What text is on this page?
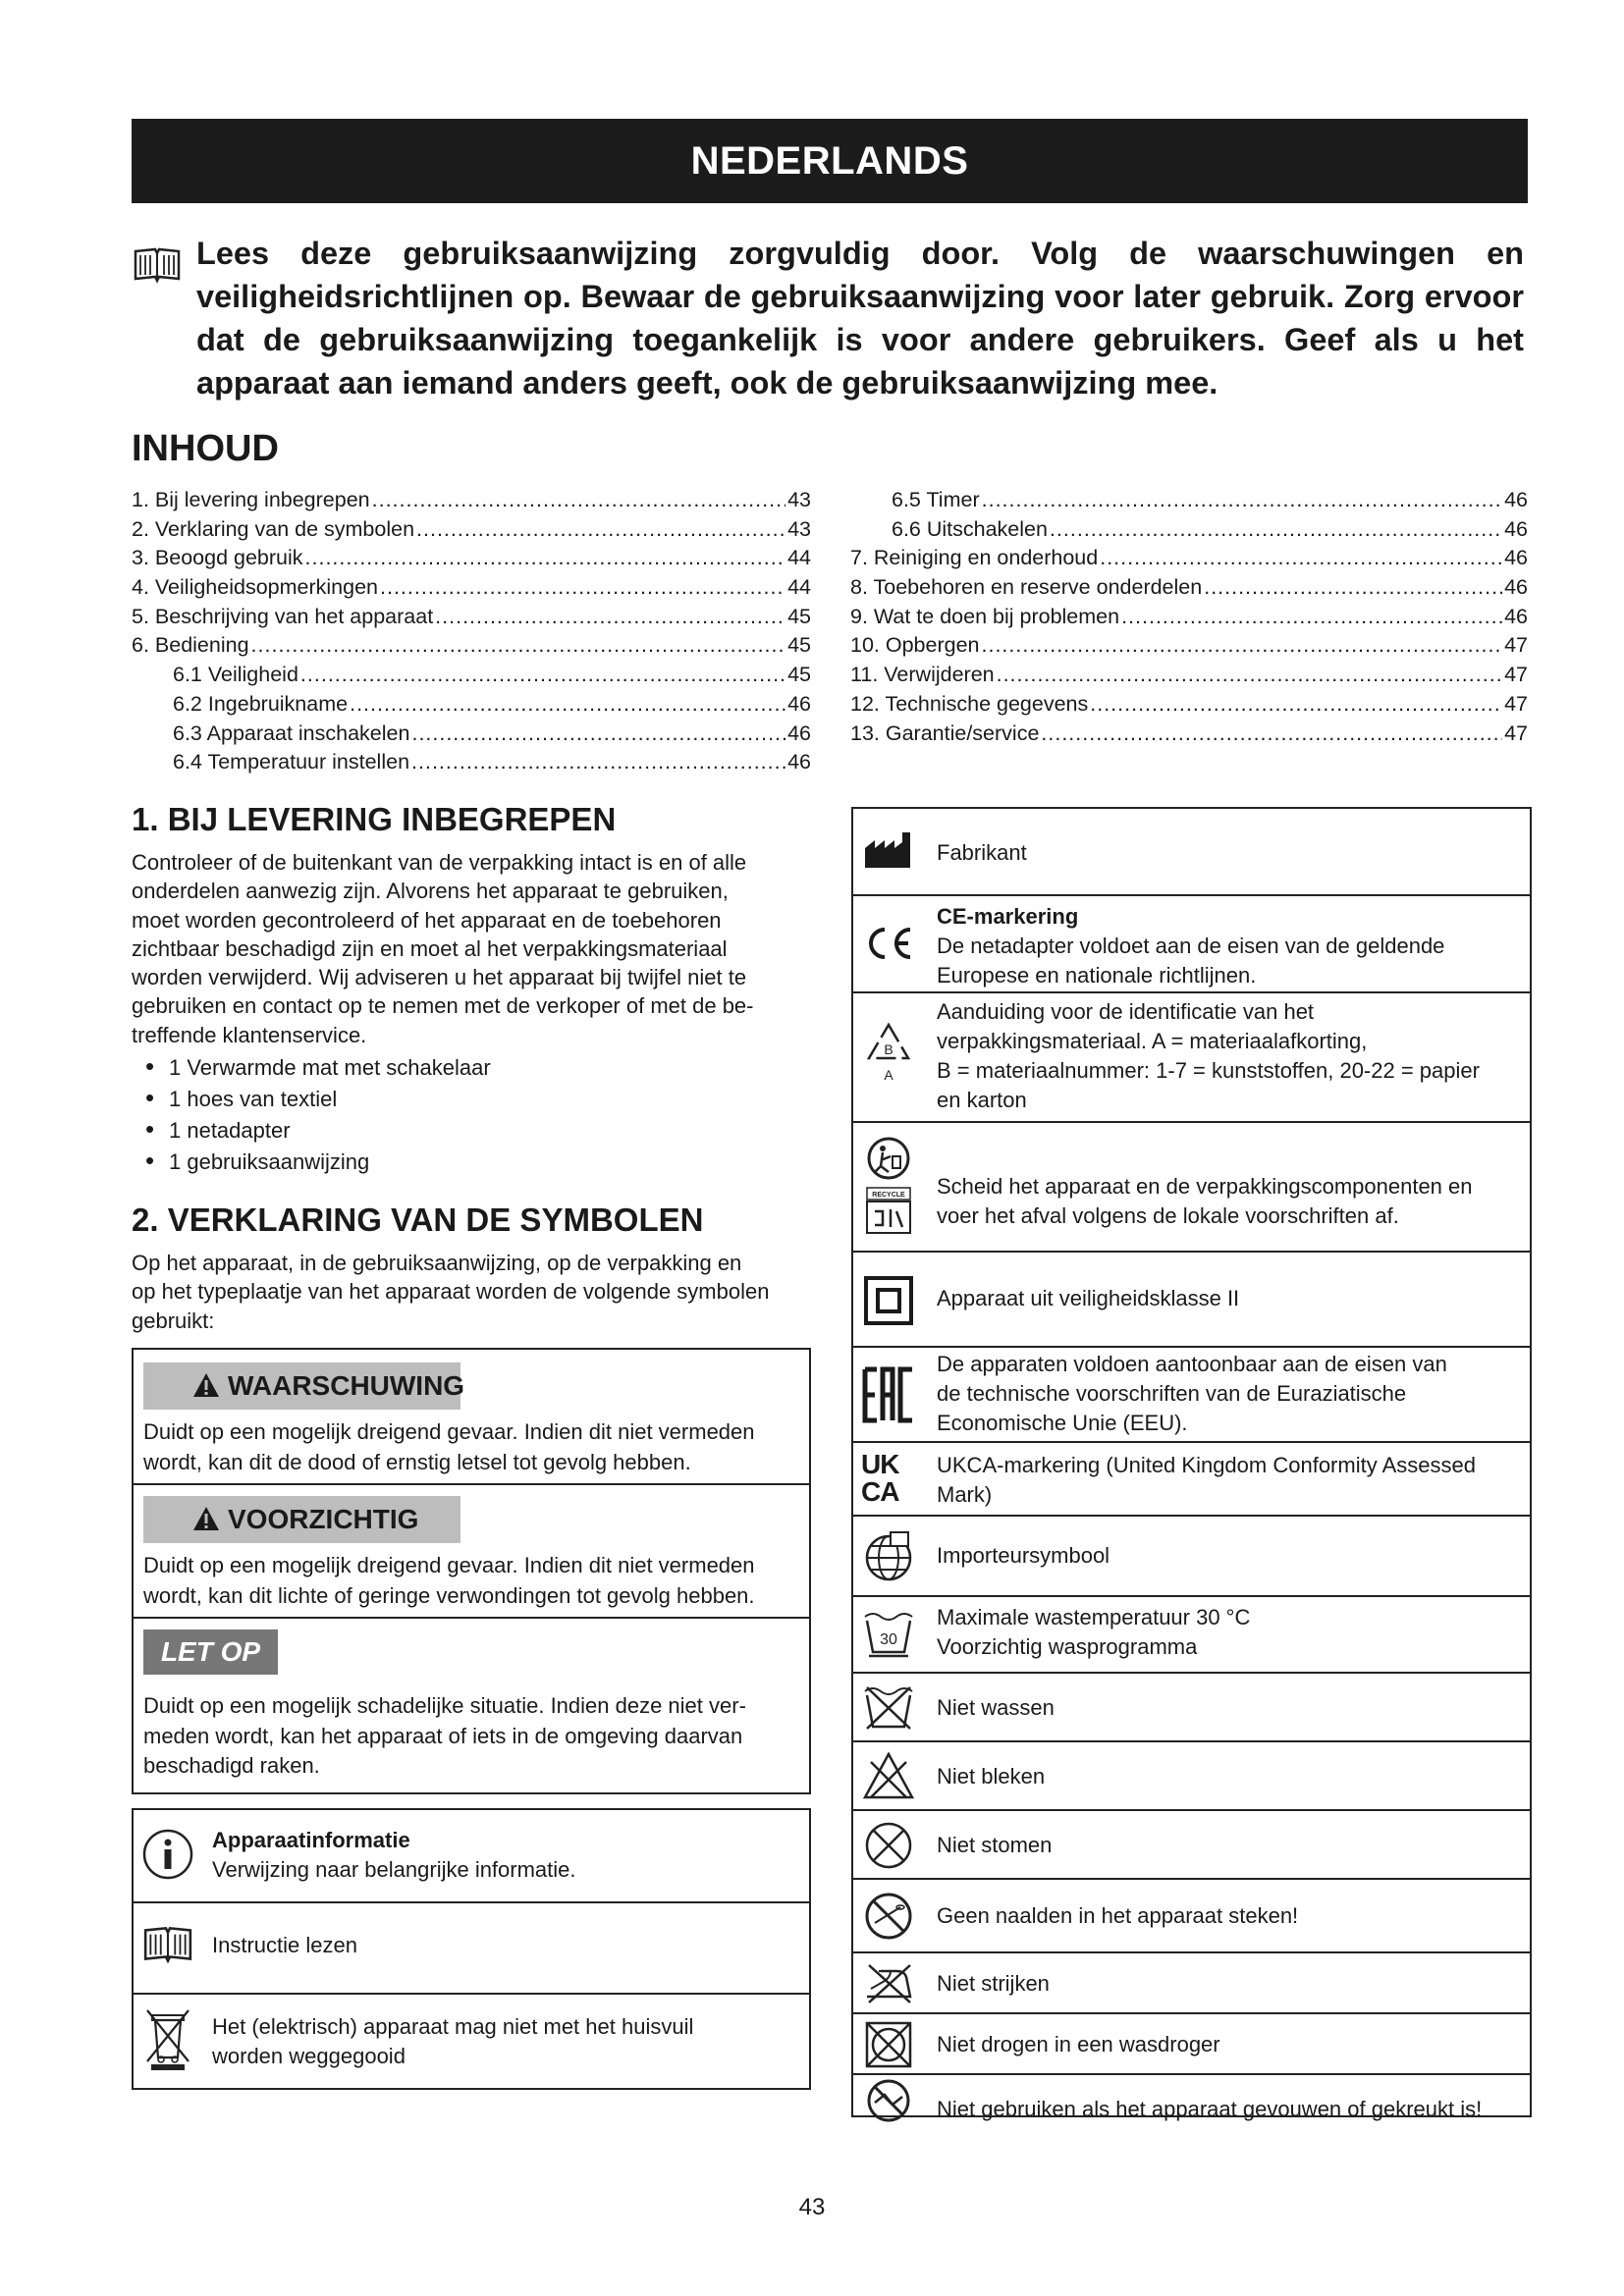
NEDERLANDS

Lees deze gebruiksaanwijzing zorgvuldig door. Volg de waarschuwingen en veiligheidsrichtlijnen op. Bewaar de gebruiksaanwijzing voor later gebruik. Zorg ervoor dat de gebruiksaanwijzing toegankelijk is voor andere gebruikers. Geef als u het apparaat aan iemand anders geeft, ook de gebruiksaanwijzing mee.

INHOUD
1. Bij levering inbegrepen .....	43
2. Verklaring van de symbolen .....	43
3. Beoogd gebruik .....	44
4. Veiligheidsopmerkingen .....	44
5. Beschrijving van het apparaat .....	45
6. Bediening .....	45
6.1 Veiligheid .....	45
6.2 Ingebruikname .....	46
6.3 Apparaat inschakelen .....	46
6.4 Temperatuur instellen .....	46
6.5 Timer .....	46
6.6 Uitschakelen .....	46
7. Reiniging en onderhoud .....	46
8. Toebehoren en reserve onderdelen .....	46
9. Wat te doen bij problemen .....	46
10. Opbergen .....	47
11. Verwijderen .....	47
12. Technische gegevens .....	47
13. Garantie/service .....	47
1. BIJ LEVERING INBEGREPEN
Controleer of de buitenkant van de verpakking intact is en of alle
onderdelen aanwezig zijn. Alvorens het apparaat te gebruiken,
moet worden gecontroleerd of het apparaat en de toebehoren
zichtbaar beschadigd zijn en moet al het verpakkingsmateriaal
worden verwijderd. Wij adviseren u het apparaat bij twijfel niet te
gebruiken en contact op te nemen met de verkoper of met de be-
treffende klantenservice.
• 1 Verwarmde mat met schakelaar
• 1 hoes van textiel
• 1 netadapter
• 1 gebruiksaanwijzing
2. VERKLARING VAN DE SYMBOLEN
Op het apparaat, in de gebruiksaanwijzing, op de verpakking en
op het typeplaatje van het apparaat worden de volgende symbolen
gebruikt:
WAARSCHUWING

Duidt op een mogelijk dreigend gevaar. Indien dit niet vermeden
wordt, kan dit de dood of ernstig letsel tot gevolg hebben.

VOORZICHTIG

Duidt op een mogelijk dreigend gevaar. Indien dit niet vermeden
wordt, kan dit lichte of geringe verwondingen tot gevolg hebben.

LET OP

Duidt op een mogelijk schadelijke situatie. Indien deze niet ver-
meden wordt, kan het apparaat of iets in de omgeving daarvan
beschadigd raken.

Apparaatinformatie
Verwijzing naar belangrijke informatie.

Instructie lezen

Het (elektrisch) apparaat mag niet met het huisvuil
worden weggegooid

Fabrikant

CE-markering
De netadapter voldoet aan de eisen van de geldende
Europese en nationale richtlijnen.

B
A

Aanduiding voor de identificatie van het
verpakkingsmateriaal. A = materiaalafkorting,
B = materiaalnummer: 1-7 = kunststoffen, 20-22 = papier
en karton

RECYCLE Scheid het apparaat en de verpakkingscomponenten en
voer het afval volgens de lokale voorschriften af.

Apparaat uit veiligheidsklasse II

De apparaten voldoen aantoonbaar aan de eisen van
de technische voorschriften van de Euraziatische
Economische Unie (EEU).

UK
CA

UKCA-markering (United Kingdom Conformity Assessed
Mark)

Importeursymbool

30

Maximale wastemperatuur 30 °C
Voorzichtig wasprogramma

Niet wassen

Niet bleken

Niet stomen

Geen naalden in het apparaat steken!

Niet strijken

Niet drogen in een wasdroger

Niet gebruiken als het apparaat gevouwen of gekreukt is!

43
